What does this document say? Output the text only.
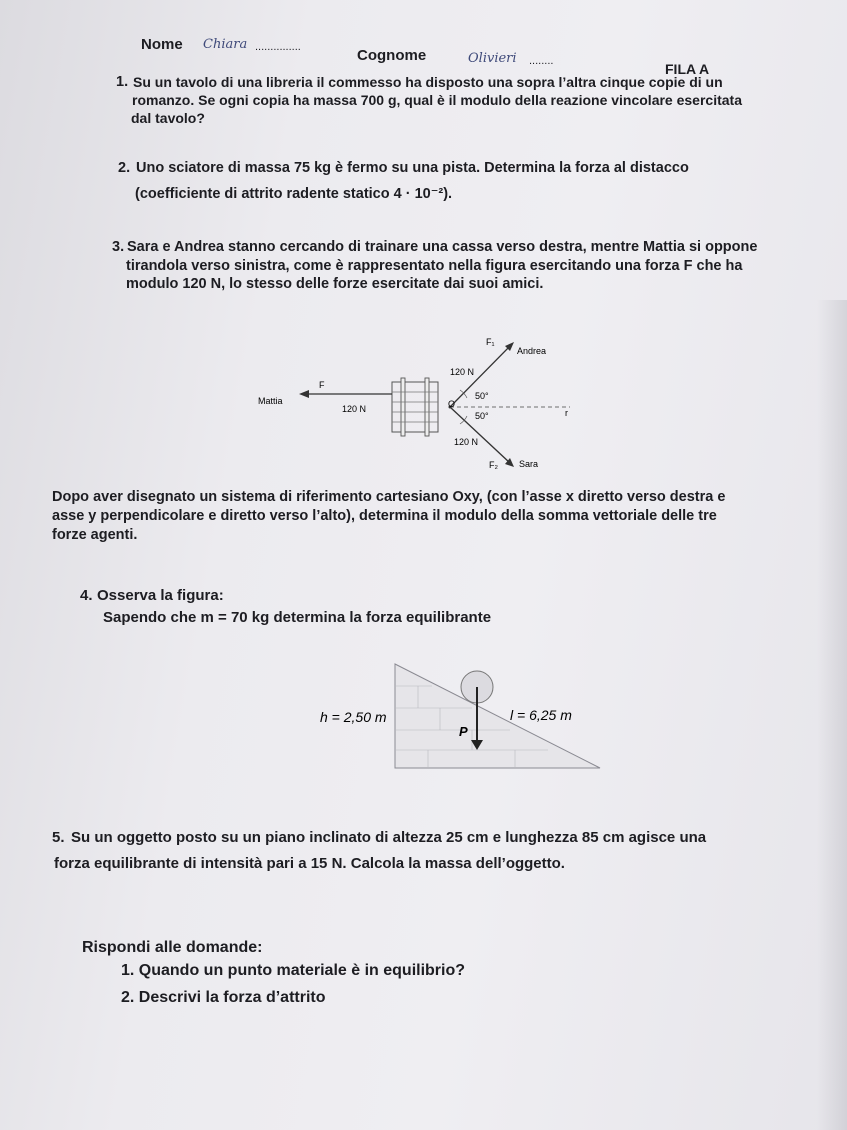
Nome Chiara ...............	Cognome	Olivieri ........	FILA A
1. Su un tavolo di una libreria il commesso ha disposto una sopra l’altra cinque copie di un
romanzo. Se ogni copia ha massa 700 g, qual è il modulo della reazione vincolare esercitata
dal tavolo?
2. Uno sciatore di massa 75 kg è fermo su una pista. Determina la forza al distacco
(coefficiente di attrito radente statico 4 · 10⁻²).
3. Sara e Andrea stanno cercando di trainare una cassa verso destra, mentre Mattia si oppone
tirandola verso sinistra, come è rappresentato nella figura esercitando una forza F che ha
modulo 120 N, lo stesso delle forze esercitate dai suoi amici.
O
50°
50°	r
F₁
Andrea
120 N
F
Mattia
120 N
120 N
F₂ Sara
Dopo aver disegnato un sistema di riferimento cartesiano Oxy, (con l’asse x diretto verso destra e
asse y perpendicolare e diretto verso l’alto), determina il modulo della somma vettoriale delle tre
forze agenti.
4. Osserva la figura:
Sapendo che m = 70 kg determina la forza equilibrante
h = 2,50 m	l = 6,25 m
P
5. Su un oggetto posto su un piano inclinato di altezza 25 cm e lunghezza 85 cm agisce una
forza equilibrante di intensità pari a 15 N. Calcola la massa dell’oggetto.
Rispondi alle domande:
1. Quando un punto materiale è in equilibrio?
2. Descrivi la forza d’attrito
